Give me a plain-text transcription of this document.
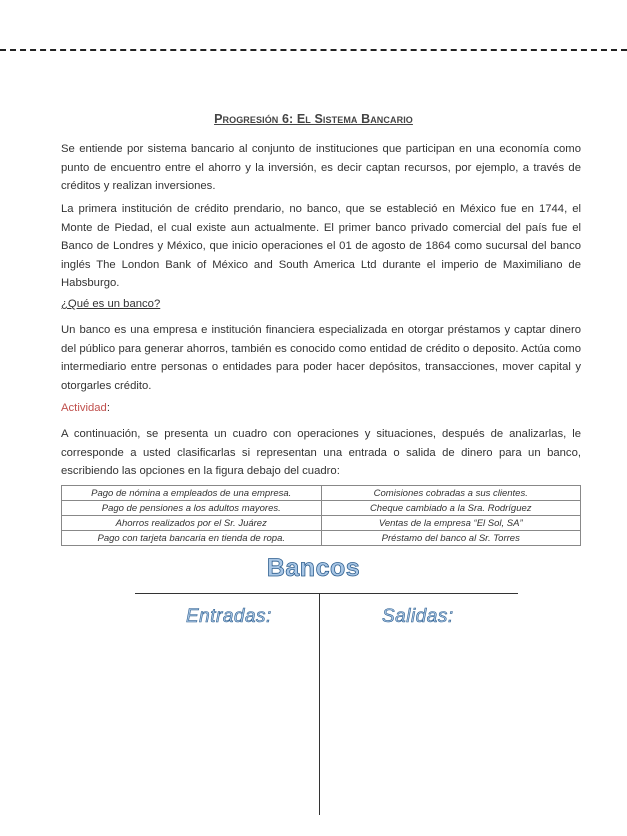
Progresión 6: El Sistema Bancario

Se entiende por sistema bancario al conjunto de instituciones que participan en una economía como punto de encuentro entre el ahorro y la inversión, es decir captan recursos, por ejemplo, a través de créditos y realizan inversiones.

La primera institución de crédito prendario, no banco, que se estableció en México fue en 1744, el Monte de Piedad, el cual existe aun actualmente. El primer banco privado comercial del país fue el Banco de Londres y México, que inicio operaciones el 01 de agosto de 1864 como sucursal del banco inglés The London Bank of México and South America Ltd durante el imperio de Maximiliano de Habsburgo.

¿Qué es un banco?

Un banco es una empresa e institución financiera especializada en otorgar préstamos y captar dinero del público para generar ahorros, también es conocido como entidad de crédito o deposito. Actúa como intermediario entre personas o entidades para poder hacer depósitos, transacciones, mover capital y otorgarles crédito.

Actividad:

A continuación, se presenta un cuadro con operaciones y situaciones, después de analizarlas, le corresponde a usted clasificarlas si representan una entrada o salida de dinero para un banco, escribiendo las opciones en la figura debajo del cuadro:

Pago de nómina a empleados de una empresa.	Comisiones cobradas a sus clientes.
Pago de pensiones a los adultos mayores.	Cheque cambiado a la Sra. Rodríguez
Ahorros realizados por el Sr. Juárez	Ventas de la empresa “El Sol, SA”
Pago con tarjeta bancaria en tienda de ropa.	Préstamo del banco al Sr. Torres
Bancos
Entradas:	Salidas:
